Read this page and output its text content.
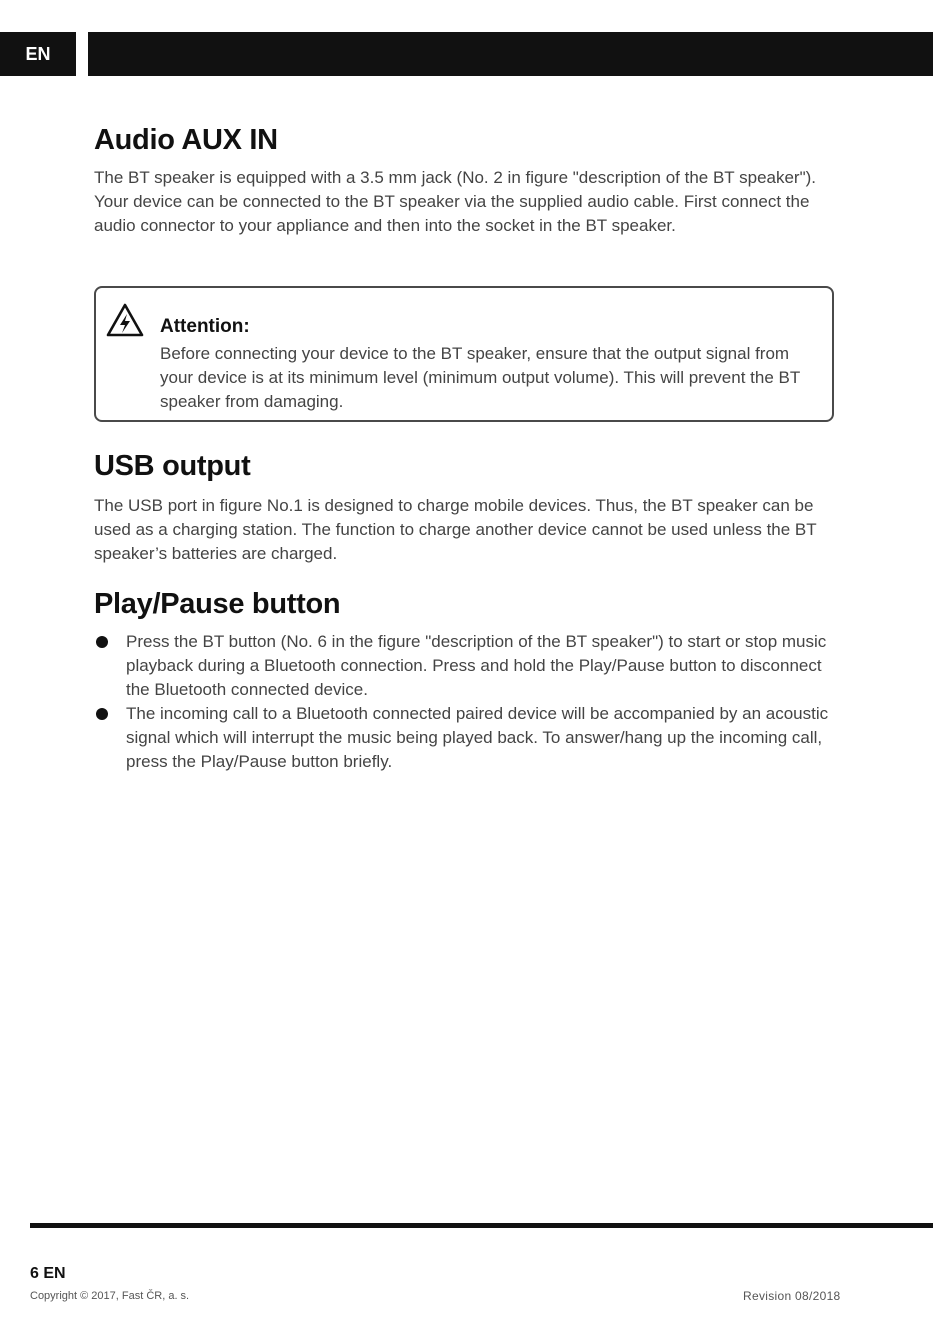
EN
Audio AUX IN

The BT speaker is equipped with a 3.5 mm jack (No. 2 in figure "description of the BT speaker"). Your device can be connected to the BT speaker via the supplied audio cable. First connect the audio connector to your appliance and then into the socket in the BT speaker.

Attention:
Before connecting your device to the BT speaker, ensure that the output signal from your device is at its minimum level (minimum output volume). This will prevent the BT speaker from damaging.
USB output

The USB port in figure No.1 is designed to charge mobile devices. Thus, the BT speaker can be used as a charging station. The function to charge another device cannot be used unless the BT speaker’s batteries are charged.

Play/Pause button
Press the BT button (No. 6 in the figure "description of the BT speaker") to start or stop music playback during a Bluetooth connection. Press and hold the Play/Pause button to disconnect the Bluetooth connected device.
The incoming call to a Bluetooth connected paired device will be accompanied by an acoustic signal which will interrupt the music being played back. To answer/hang up the incoming call,
press the Play/Pause button briefly.
6 EN
Copyright © 2017, Fast ČR, a. s.	Revision 08/2018
